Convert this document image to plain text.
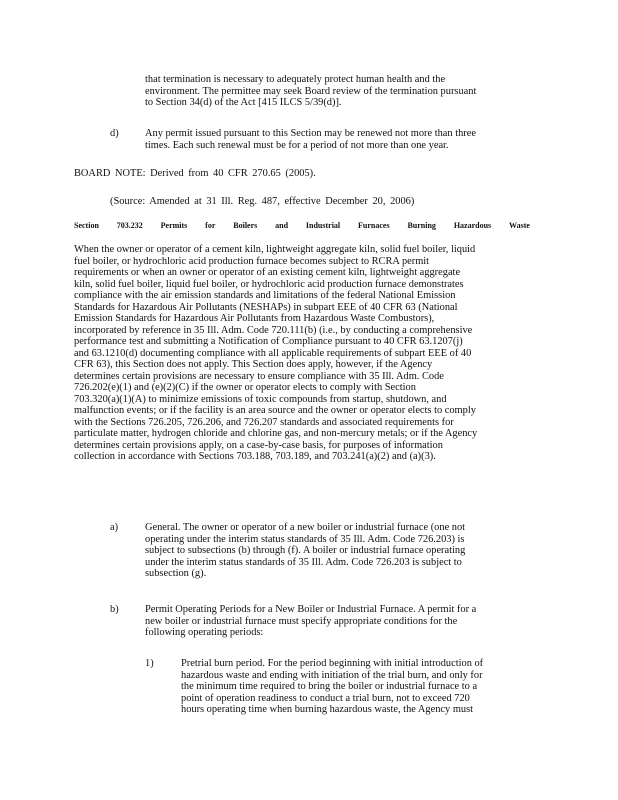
that termination is necessary to adequately protect human health and the
environment. The permittee may seek Board review of the termination pursuant
to Section 34(d) of the Act [415 ILCS 5/39(d)].
d)	Any permit issued pursuant to this Section may be renewed not more than three
times. Each such renewal must be for a period of not more than one year.
BOARD NOTE: Derived from 40 CFR 270.65 (2005).
(Source: Amended at 31 Ill. Reg. 487, effective December 20, 2006)
Section 703.232 Permits for Boilers and Industrial Furnaces Burning Hazardous Waste
When the owner or operator of a cement kiln, lightweight aggregate kiln, solid fuel boiler, liquid
fuel boiler, or hydrochloric acid production furnace becomes subject to RCRA permit
requirements or when an owner or operator of an existing cement kiln, lightweight aggregate
kiln, solid fuel boiler, liquid fuel boiler, or hydrochloric acid production furnace demonstrates
compliance with the air emission standards and limitations of the federal National Emission
Standards for Hazardous Air Pollutants (NESHAPs) in subpart EEE of 40 CFR 63 (National
Emission Standards for Hazardous Air Pollutants from Hazardous Waste Combustors),
incorporated by reference in 35 Ill. Adm. Code 720.111(b) (i.e., by conducting a comprehensive
performance test and submitting a Notification of Compliance pursuant to 40 CFR 63.1207(j)
and 63.1210(d) documenting compliance with all applicable requirements of subpart EEE of 40
CFR 63), this Section does not apply. This Section does apply, however, if the Agency
determines certain provisions are necessary to ensure compliance with 35 Ill. Adm. Code
726.202(e)(1) and (e)(2)(C) if the owner or operator elects to comply with Section
703.320(a)(1)(A) to minimize emissions of toxic compounds from startup, shutdown, and
malfunction events; or if the facility is an area source and the owner or operator elects to comply
with the Sections 726.205, 726.206, and 726.207 standards and associated requirements for
particulate matter, hydrogen chloride and chlorine gas, and non-mercury metals; or if the Agency
determines certain provisions apply, on a case-by-case basis, for purposes of information
collection in accordance with Sections 703.188, 703.189, and 703.241(a)(2) and (a)(3).
a)	General. The owner or operator of a new boiler or industrial furnace (one not
operating under the interim status standards of 35 Ill. Adm. Code 726.203) is
subject to subsections (b) through (f). A boiler or industrial furnace operating
under the interim status standards of 35 Ill. Adm. Code 726.203 is subject to
subsection (g).
b)	Permit Operating Periods for a New Boiler or Industrial Furnace. A permit for a
new boiler or industrial furnace must specify appropriate conditions for the
following operating periods:
1)	Pretrial burn period. For the period beginning with initial introduction of
hazardous waste and ending with initiation of the trial burn, and only for
the minimum time required to bring the boiler or industrial furnace to a
point of operation readiness to conduct a trial burn, not to exceed 720
hours operating time when burning hazardous waste, the Agency must
